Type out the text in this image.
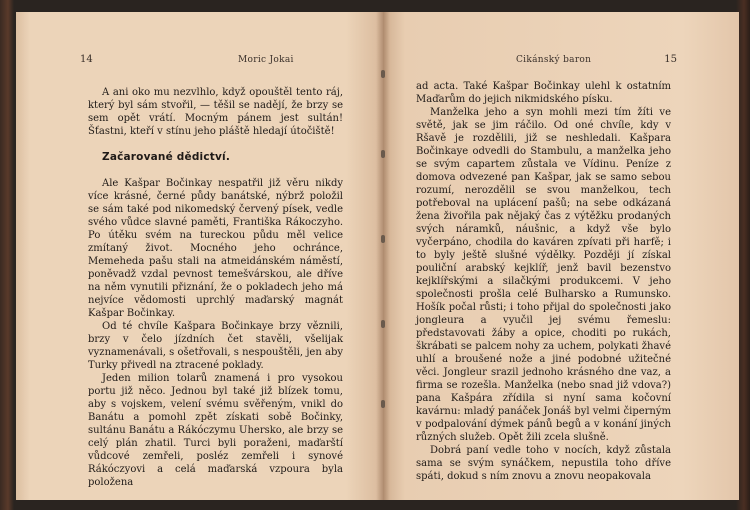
14	Moric Jokai

A ani oko mu nezvlhlo, když opouštěl tento ráj, který byl sám stvořil, — těšil se nadějí, že brzy se sem opět vrátí. Mocným pánem jest sultán! Šťastni, kteří v stínu jeho pláště hledají útočiště!

Začarované dědictví.

Ale Kašpar Bočinkay nespatřil již věru nikdy více krásné, černé půdy banátské, nýbrž položil se sám také pod nikomedský červený písek, vedle svého vůdce slavné paměti, Františka Rákoczyho. Po útěku svém na tureckou půdu měl velice zmítaný život. Mocného jeho ochránce, Memeheda pašu stali na atmeidánském náměstí, poněvadž vzdal pevnost temešvárskou, ale dříve na něm vynutili přiznání, že o pokladech jeho má nejvíce vědomosti uprchlý maďarský magnát Kašpar Bočinkay.

Od té chvíle Kašpara Bočinkaye brzy věznili, brzy v čelo jízdních čet stavěli, všelijak vyznamenávali, s ošetřovali, s nespouštěli, jen aby Turky přivedl na ztracené poklady.

Jeden milion tolarů znamená i pro vysokou portu již něco. Jednou byl také již blízek tomu, aby s vojskem, velení svému svěřeným, vnikl do Banátu a pomohl zpět získati sobě Bočinky, sultánu Banátu a Rákóczymu Uhersko, ale brzy se celý plán zhatil. Turci byli poraženi, maďarští vůdcové zemřeli, posléz zemřeli i synové Rákóczyovi a celá maďarská vzpoura byla položena

Cikánský baron	15

ad acta. Také Kašpar Bočinkay ulehl k ostatním Maďarům do jejich nikmidského písku.

Manželka jeho a syn mohli mezi tím žíti ve světě, jak se jim ráčilo. Od oné chvíle, kdy v Ršavě je rozdělili, již se neshledali. Kašpara Bočinkaye odvedli do Stambulu, a manželka jeho se svým capartem zůstala ve Vídinu. Peníze z domova odvezené pan Kašpar, jak se samo sebou rozumí, nerozdělil se svou manželkou, tech potřeboval na uplácení pašů; na sebe odkázaná žena živořila pak nějaký čas z výtěžku prodaných svých náramků, náušnic, a když vše bylo vyčerpáno, chodila do kaváren zpívati při harfě; i to byly ještě slušné výdělky. Později jí získal pouliční arabský kejklíř, jenž bavil bezenstvo kejklířskými a silačkými produkcemi. V jeho společnosti prošla celé Bulharsko a Rumunsko. Hošík počal růsti; i toho přijal do společnosti jako jongleura a vyučil jej svému řemeslu: představovati žáby a opice, choditi po rukách, škrábati se palcem nohy za uchem, polykati žhavé uhlí a broušené nože a jiné podobné užitečné věci. Jongleur srazil jednoho krásného dne vaz, a firma se rozešla. Manželka (nebo snad již vdova?) pana Kašpára zřídila si nyní sama kočovní kavárnu: mladý panáček Jonáš byl velmi čiperným v podpalování dýmek pánů begů a v konání jiných různých služeb. Opět žili zcela slušně.

Dobrá paní vedle toho v nocích, když zůstala sama se svým synáčkem, nepustila toho dříve spáti, dokud s ním znovu a znovu neopakovala
